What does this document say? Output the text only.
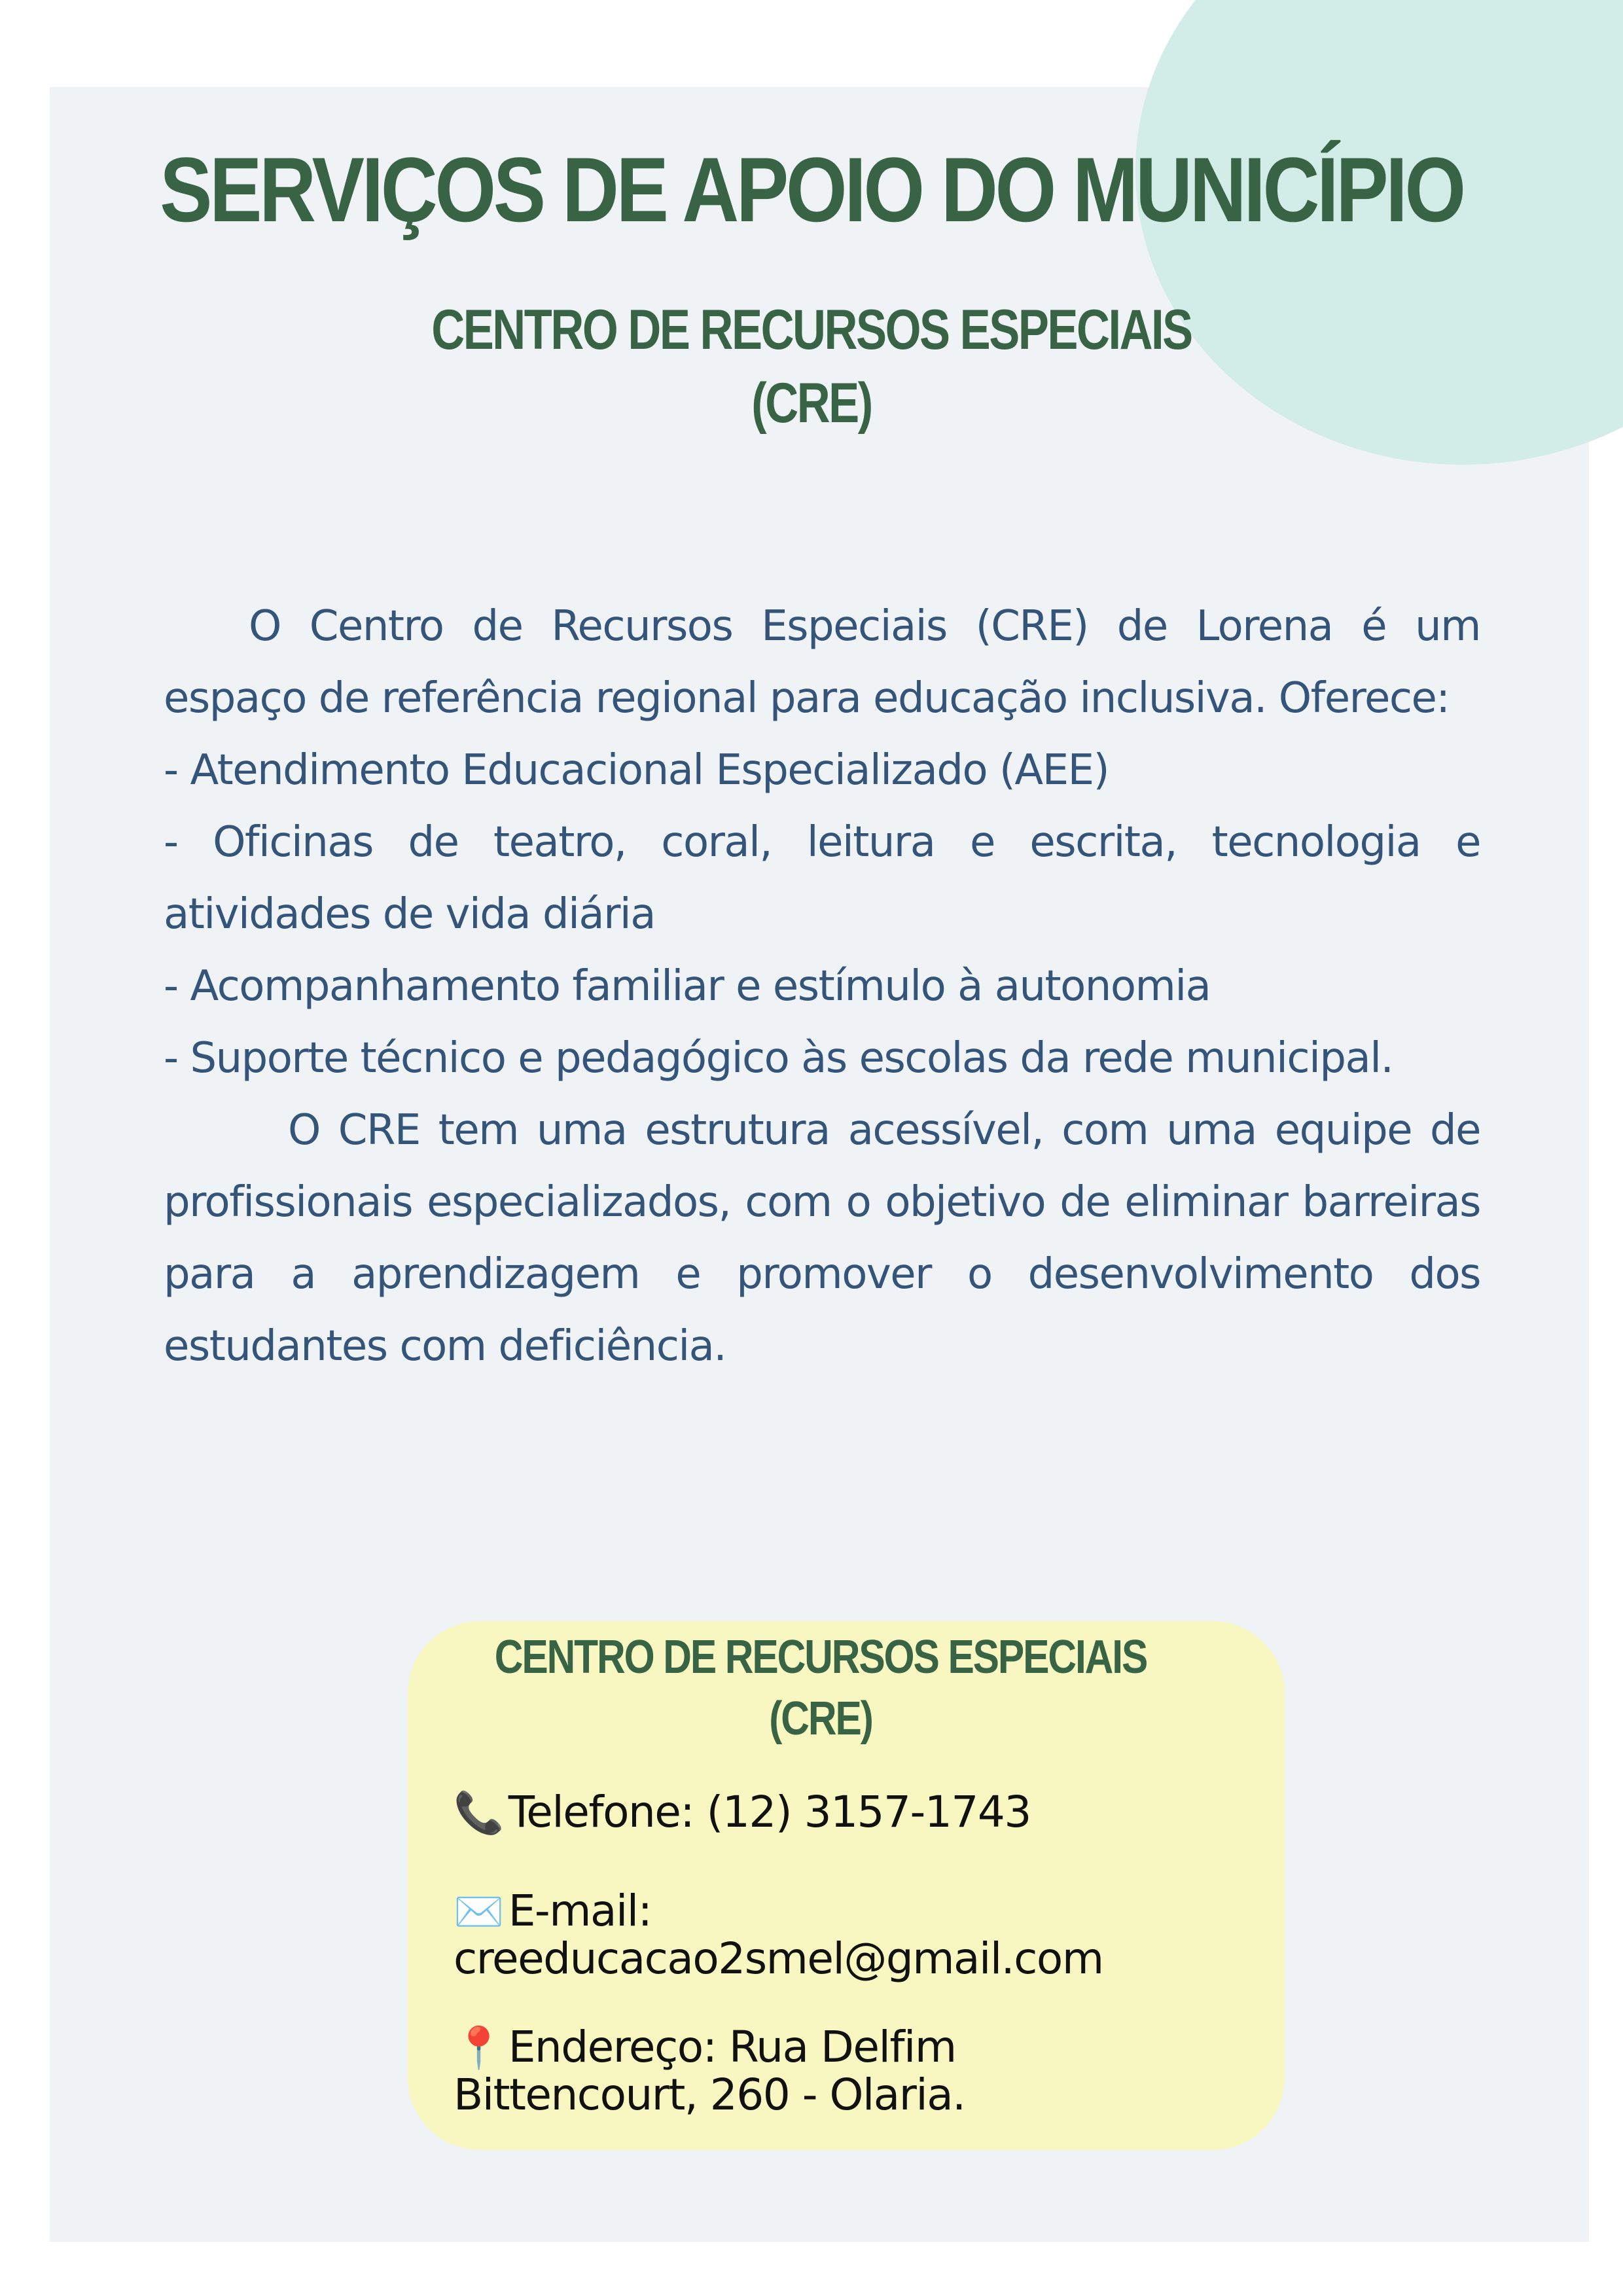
SERVIÇOS DE APOIO DO MUNICÍPIO
CENTRO DE RECURSOS ESPECIAIS
(CRE)

O Centro de Recursos Especiais (CRE) de Lorena é um espaço de referência regional para educação inclusiva. Oferece:

- Atendimento Educacional Especializado (AEE)

- Oficinas de teatro, coral, leitura e escrita, tecnologia e atividades de vida diária

- Acompanhamento familiar e estímulo à autonomia

- Suporte técnico e pedagógico às escolas da rede municipal.

O CRE tem uma estrutura acessível, com uma equipe de profissionais especializados, com o objetivo de eliminar barreiras para a aprendizagem e promover o desenvolvimento dos estudantes com deficiência.

CENTRO DE RECURSOS ESPECIAIS
(CRE)
📞 Telefone: (12) 3157-1743
✉️ E-mail:
creeducacao2smel@gmail.com
📍 Endereço: Rua Delfim
Bittencourt, 260 - Olaria.
